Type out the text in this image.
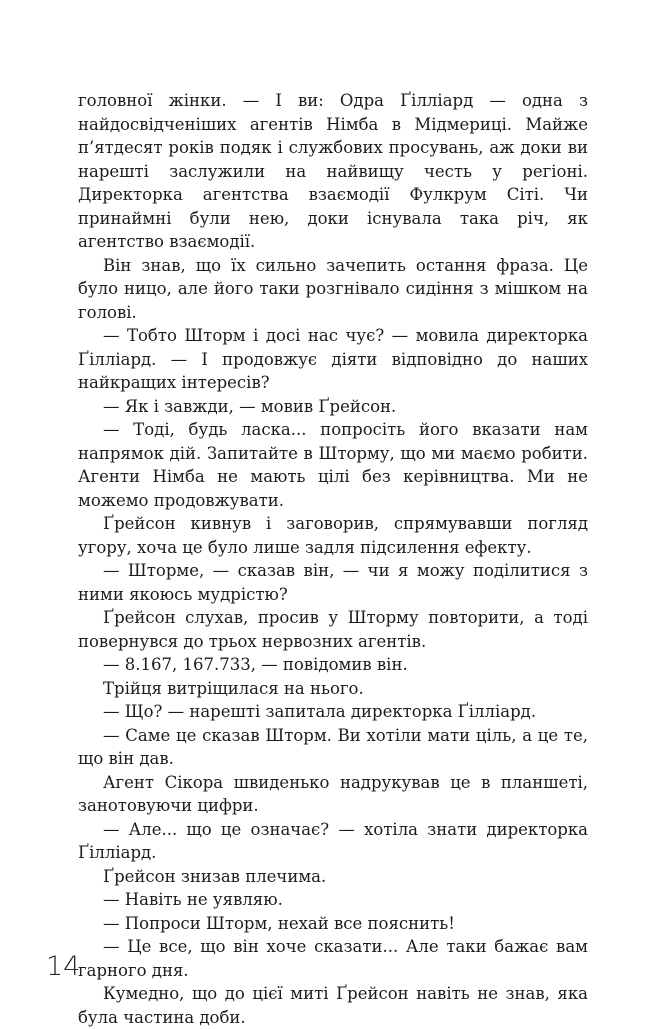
головної жінки. — І ви: Одра Ґілліард — одна з найдосвідченіших агентів Німба в Мідмериці. Майже п’ятдесят років подяк і службових просувань, аж доки ви нарешті заслужили на найвищу честь у регіоні. Директорка агентства взаємодії Фулкрум Сіті. Чи принаймні були нею, доки існувала така річ, як агентство взаємодії.

Він знав, що їх сильно зачепить остання фраза. Це було ницо, але його таки розгнівало сидіння з мішком на голові.

— Тобто Шторм і досі нас чує? — мовила директорка Ґілліард. — І продовжує діяти відповідно до наших найкращих інтересів?

— Як і завжди, — мовив Ґрейсон.

— Тоді, будь ласка... попросіть його вказати нам напрямок дій. Запитайте в Шторму, що ми маємо робити. Агенти Німба не мають цілі без керівництва. Ми не можемо продовжувати.

Ґрейсон кивнув і заговорив, спрямувавши погляд угору, хоча це було лише задля підсилення ефекту.

— Шторме, — сказав він, — чи я можу поділитися з ними якоюсь мудрістю?

Ґрейсон слухав, просив у Шторму повторити, а тоді повернувся до трьох нервозних агентів.

— 8.167, 167.733, — повідомив він.

Трійця витріщилася на нього.

— Що? — нарешті запитала директорка Ґілліард.

— Саме це сказав Шторм. Ви хотіли мати ціль, а це те, що він дав.

Агент Сікора швиденько надрукував це в планшеті, занотовуючи цифри.

— Але... що це означає? — хотіла знати директорка Ґілліард.

Ґрейсон знизав плечима.

— Навіть не уявляю.

— Попроси Шторм, нехай все пояснить!

— Це все, що він хоче сказати... Але таки бажає вам гарного дня.

Кумедно, що до цієї миті Ґрейсон навіть не знав, яка була частина доби.

14
